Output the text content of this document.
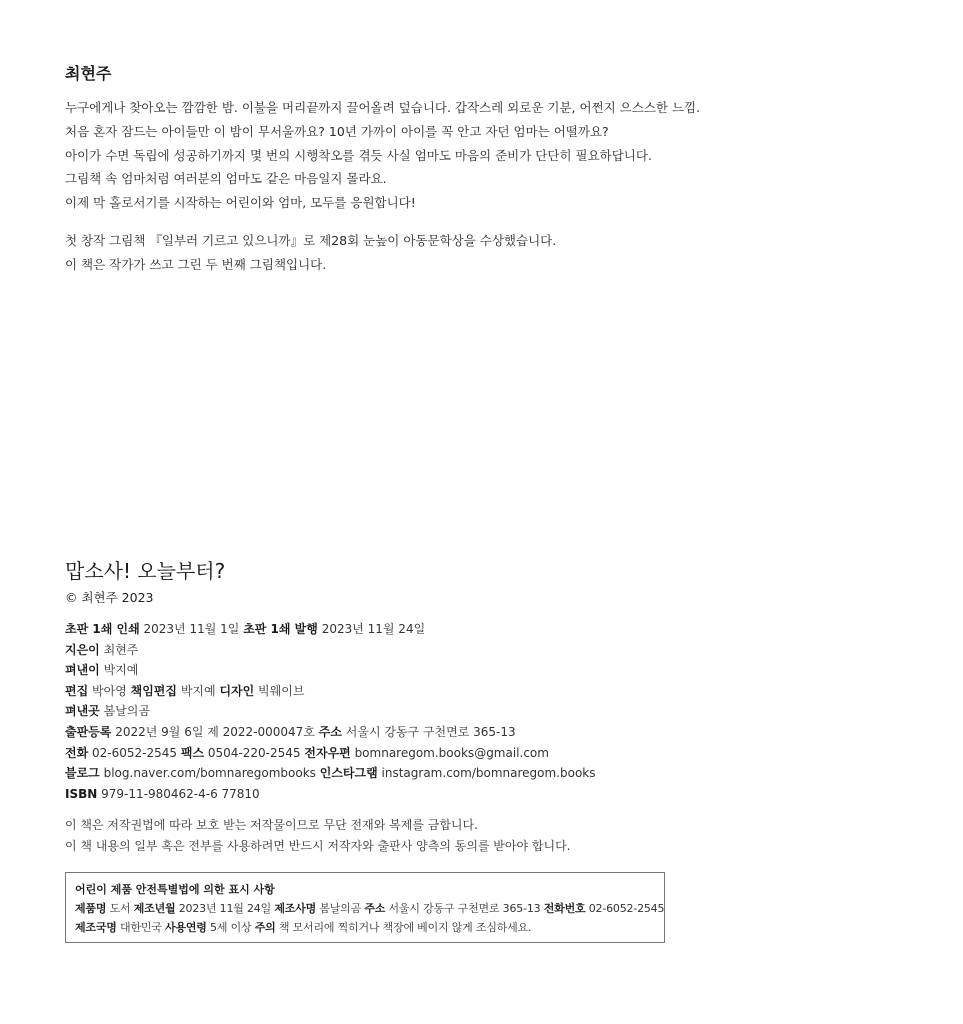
최현주

누구에게나 찾아오는 깜깜한 밤. 이불을 머리끝까지 끌어올려 덮습니다. 갑작스레 외로운 기분, 어쩐지 으스스한 느낌.

처음 혼자 잠드는 아이들만 이 밤이 무서울까요? 10년 가까이 아이를 꼭 안고 자던 엄마는 어떨까요?

아이가 수면 독립에 성공하기까지 몇 번의 시행착오를 겪듯 사실 엄마도 마음의 준비가 단단히 필요하답니다.

그림책 속 엄마처럼 여러분의 엄마도 같은 마음일지 몰라요.

이제 막 홀로서기를 시작하는 어린이와 엄마, 모두를 응원합니다!

첫 창작 그림책 『일부러 기르고 있으니까』로 제28회 눈높이 아동문학상을 수상했습니다.

이 책은 작가가 쓰고 그린 두 번째 그림책입니다.

맙소사! 오늘부터?

© 최현주 2023

초판 1쇄 인쇄 2023년 11월 1일 초판 1쇄 발행 2023년 11월 24일
지은이 최현주
펴낸이 박지예
편집 박아영 책임편집 박지예 디자인 빅웨이브
펴낸곳 봄날의곰
출판등록 2022년 9월 6일 제 2022-000047호 주소 서울시 강동구 구천면로 365-13
전화 02-6052-2545 팩스 0504-220-2545 전자우편 bomnaregom.books@gmail.com
블로그 blog.naver.com/bomnaregombooks 인스타그램 instagram.com/bomnaregom.books
ISBN 979-11-980462-4-6 77810

이 책은 저작권법에 따라 보호 받는 저작물이므로 무단 전재와 복제를 금합니다.

이 책 내용의 일부 혹은 전부를 사용하려면 반드시 저작자와 출판사 양측의 동의를 받아야 합니다.

어린이 제품 안전특별법에 의한 표시 사항
제품명 도서 제조년월 2023년 11월 24일 제조사명 봄날의곰 주소 서울시 강동구 구천면로 365-13 전화번호 02-6052-2545
제조국명 대한민국 사용연령 5세 이상 주의 책 모서리에 찍히거나 책장에 베이지 않게 조심하세요.
